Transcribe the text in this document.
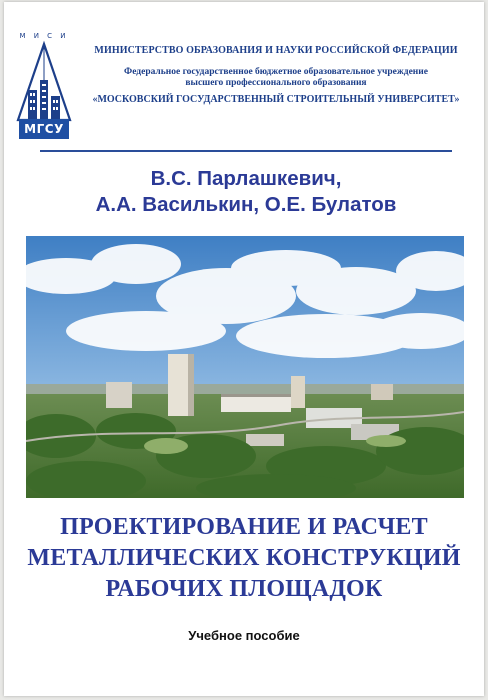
М И С И
МГСУ
МИНИСТЕРСТВО ОБРАЗОВАНИЯ И НАУКИ РОССИЙСКОЙ ФЕДЕРАЦИИ
Федеральное государственное бюджетное образовательное учреждение
высшего профессионального образования
«МОСКОВСКИЙ ГОСУДАРСТВЕННЫЙ СТРОИТЕЛЬНЫЙ УНИВЕРСИТЕТ»
В.С. Парлашкевич,
А.А. Василькин, О.Е. Булатов
ПРОЕКТИРОВАНИЕ И РАСЧЕТ
МЕТАЛЛИЧЕСКИХ КОНСТРУКЦИЙ
РАБОЧИХ ПЛОЩАДОК
Учебное пособие
